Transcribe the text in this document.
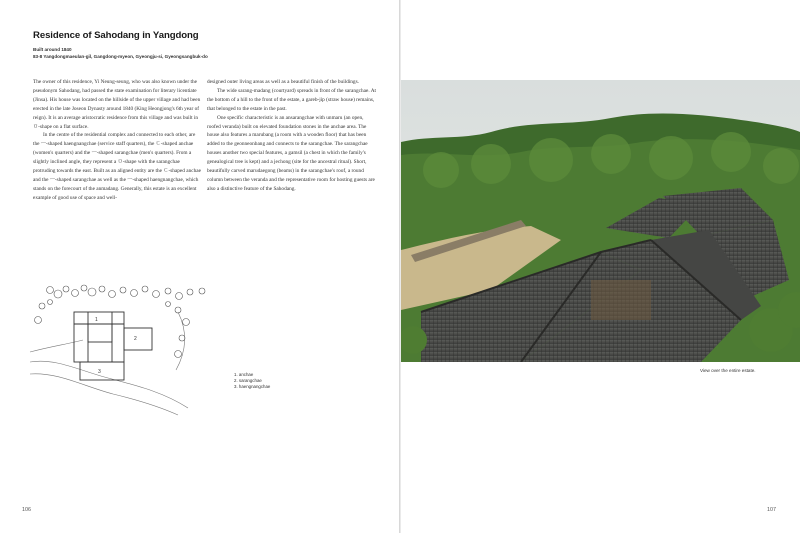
Residence of Sahodang in Yangdong
Built around 1840
83-8 Yangdongmaeulan-gil, Gangdong-myeon, Gyeongju-si, Gyeongsangbuk-do

The owner of this residence, Yi Neung-seung, who was also known under the pseudonym Sahodang, had passed the state examination for literary licentiate (Jinsa). His house was located on the hillside of the upper village and had been erected in the late Joseon Dynasty around 1840 (King Heongjong's 6th year of reign). It is an average aristocratic residence from this village and was built in ㅁ-shape on a flat surface.

In the centre of the residential complex and connected to each other, are the ㅡ-shaped haengnangchae (service staff quarters), the ㄷ-shaped anchae (women's quarters) and the ㅡ-shaped sarangchae (men's quarters). From a slightly inclined angle, they represent a ㅁ-shape with the sarangchae protruding towards the east. Built as an aligned entity are the ㄷ-shaped anchae and the ㅡ-shaped sarangchae as well as the ㅡ-shaped haengnangchae, which stands on the forecourt of the anmadang. Generally, this estate is an excellent example of good use of space and well-

designed outer living areas as well as a beautiful finish of the buildings.

The wide sarang-madang (courtyard) spreads in front of the sarangchae. At the bottom of a hill to the front of the estate, a gareb-jip (straw house) remains, that belonged to the estate in the past.

One specific characteristic is an ansarangchae with unmaru (an open, roofed veranda) built on elevated foundation stones in the anchae area. The house also features a marubang (a room with a wooden floor) that has been added to the geonneonbang and connects to the sarangchae. The sarangchae houses another two special features, a gamsil (a chest in which the family's genealogical tree is kept) and a jechong (site for the ancestral ritual). Short, beautifully carved marudaegong (beams) in the sarangchae's roof, a round column between the veranda and the representative room for hosting guests are also a distinctive feature of the Sahodang.

1
2
3	1. anchae
2. sarangchae
3. haengnangchae
106
View over the entire estate.
107
